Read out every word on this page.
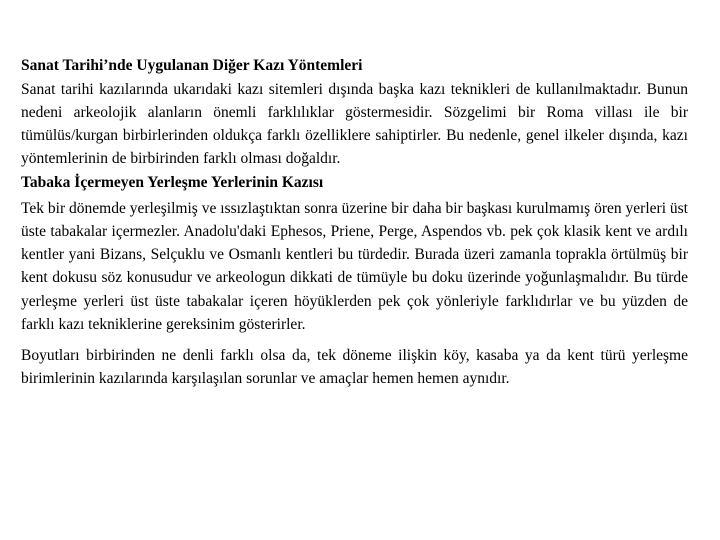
Sanat Tarihi’nde Uygulanan Diğer Kazı Yöntemleri

Sanat tarihi kazılarında ukarıdaki kazı sitemleri dışında başka kazı teknikleri de kullanılmaktadır. Bunun nedeni arkeolojik alanların önemli farklılıklar göstermesidir. Sözgelimi bir Roma villası ile bir tümülüs/kurgan birbirlerinden oldukça farklı özelliklere sahiptirler. Bu nedenle, genel ilkeler dışında, kazı yöntemlerinin de birbirinden farklı olması doğaldır.

Tabaka İçermeyen Yerleşme Yerlerinin Kazısı

Tek bir dönemde yerleşilmiş ve ıssızlaştıktan sonra üzerine bir daha bir başkası kurulmamış ören yerleri üst üste tabakalar içermezler. Anadolu'daki Ephesos, Priene, Perge, Aspendos vb. pek çok klasik kent ve ardılı kentler yani Bizans, Selçuklu ve Osmanlı kentleri bu türdedir. Burada üzeri zamanla toprakla örtülmüş bir kent dokusu söz konusudur ve arkeologun dikkati de tümüyle bu doku üzerinde yoğunlaşmalıdır. Bu türde yerleşme yerleri üst üste tabakalar içeren höyüklerden pek çok yönleriyle farklıdırlar ve bu yüzden de farklı kazı tekniklerine gereksinim gösterirler.

Boyutları birbirinden ne denli farklı olsa da, tek döneme ilişkin köy, kasaba ya da kent türü yerleşme birimlerinin kazılarında karşılaşılan sorunlar ve amaçlar hemen hemen aynıdır.
